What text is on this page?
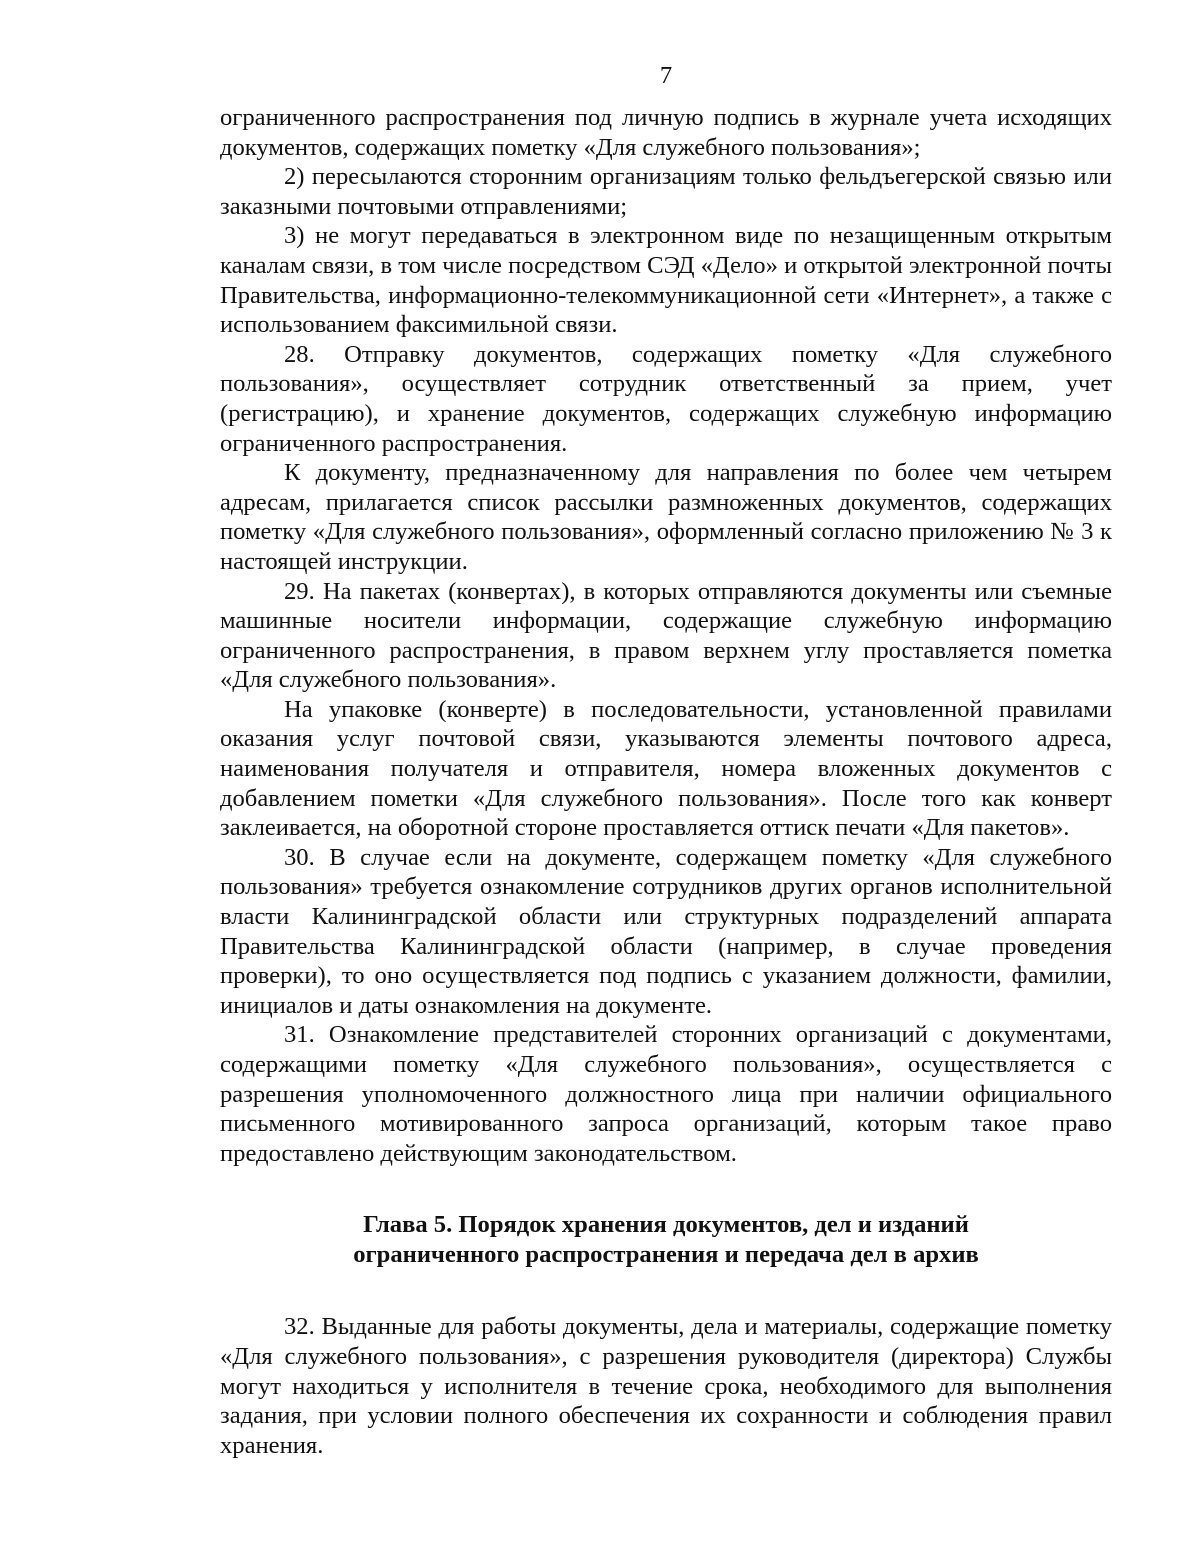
7

ограниченного распространения под личную подпись в журнале учета исходящих документов, содержащих пометку «Для служебного пользования»;

2) пересылаются сторонним организациям только фельдъегерской связью или заказными почтовыми отправлениями;

3) не могут передаваться в электронном виде по незащищенным открытым каналам связи, в том числе посредством СЭД «Дело» и открытой электронной почты Правительства, информационно-телекоммуникационной сети «Интернет», а также с использованием факсимильной связи.

28. Отправку документов, содержащих пометку «Для служебного пользования», осуществляет сотрудник ответственный за прием, учет (регистрацию), и хранение документов, содержащих служебную информацию ограниченного распространения.

К документу, предназначенному для направления по более чем четырем адресам, прилагается список рассылки размноженных документов, содержащих пометку «Для служебного пользования», оформленный согласно приложению № 3 к настоящей инструкции.

29. На пакетах (конвертах), в которых отправляются документы или съемные машинные носители информации, содержащие служебную информацию ограниченного распространения, в правом верхнем углу проставляется пометка «Для служебного пользования».

На упаковке (конверте) в последовательности, установленной правилами оказания услуг почтовой связи, указываются элементы почтового адреса, наименования получателя и отправителя, номера вложенных документов с добавлением пометки «Для служебного пользования». После того как конверт заклеивается, на оборотной стороне проставляется оттиск печати «Для пакетов».

30. В случае если на документе, содержащем пометку «Для служебного пользования» требуется ознакомление сотрудников других органов исполнительной власти Калининградской области или структурных подразделений аппарата Правительства Калининградской области (например, в случае проведения проверки), то оно осуществляется под подпись с указанием должности, фамилии, инициалов и даты ознакомления на документе.

31. Ознакомление представителей сторонних организаций с документами, содержащими пометку «Для служебного пользования», осуществляется с разрешения уполномоченного должностного лица при наличии официального письменного мотивированного запроса организаций, которым такое право предоставлено действующим законодательством.

Глава 5. Порядок хранения документов, дел и изданий
ограниченного распространения и передача дел в архив

32. Выданные для работы документы, дела и материалы, содержащие пометку «Для служебного пользования», с разрешения руководителя (директора) Службы могут находиться у исполнителя в течение срока, необходимого для выполнения задания, при условии полного обеспечения их сохранности и соблюдения правил хранения.
